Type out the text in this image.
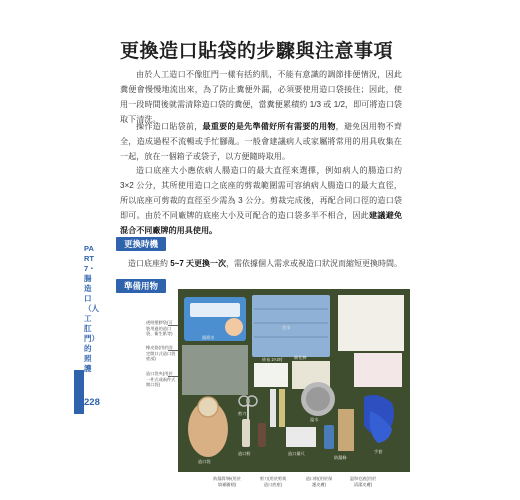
更換造口貼袋的步驟與注意事項
由於人工造口不像肛門一樣有括約肌，不能有意識的調節排便情況，因此糞便會慢慢地流出來，為了防止糞便外漏，必須要使用造口袋接住；因此，使用一段時間後就需清除造口袋的糞便，當糞便累積約 1/3 或 1/2，即可將造口袋取下清洗。
操作造口貼袋前，最重要的是先準備好所有需要的用物，避免因用物不齊全，造成過程不流暢或手忙腳亂。一般會建議病人或家屬將常用的用具收集在一起，放在一個箱子或袋子，以方便隨時取用。
造口底座大小應依病人腸造口的最大直徑來選擇，例如病人的腸造口約 3×2 公分，其所使用造口之底座的剪裁範圍需可容納病人腸造口的最大直徑，所以底座可剪裁的直徑至少需為 3 公分。剪裁完成後，再配合同口徑的造口袋即可。由於不同廠牌的底座大小及可配合的造口袋多半不相合，因此建議避免混合不同廠牌的用具使用。
PART7・腸造口（人工肛門）的照護
228
更換時機
造口底座約 5~7 天更換一次，需依據個人需求或視造口狀況而縮短更換時間。
準備用物
透明塑膠袋(可裝用過的造口袋、衛生紙等)
橡皮筋(用於固定開口式造口袋底部)
造口袋夾(用於一件式或兩件式開口袋)
紗布 2×2吋	棉花棒
衛生紙
溫水
剪刀
造口量尺
造口粉
防漏條
造口袋
濕紙巾
手套
毛巾
造口保護膏
防漏膏/條(用於填補皺褶)
剪刀(用於剪裁造口底座)
造口粉(用於保護皮膚)
溫和皂液(用於清潔皮膚)
